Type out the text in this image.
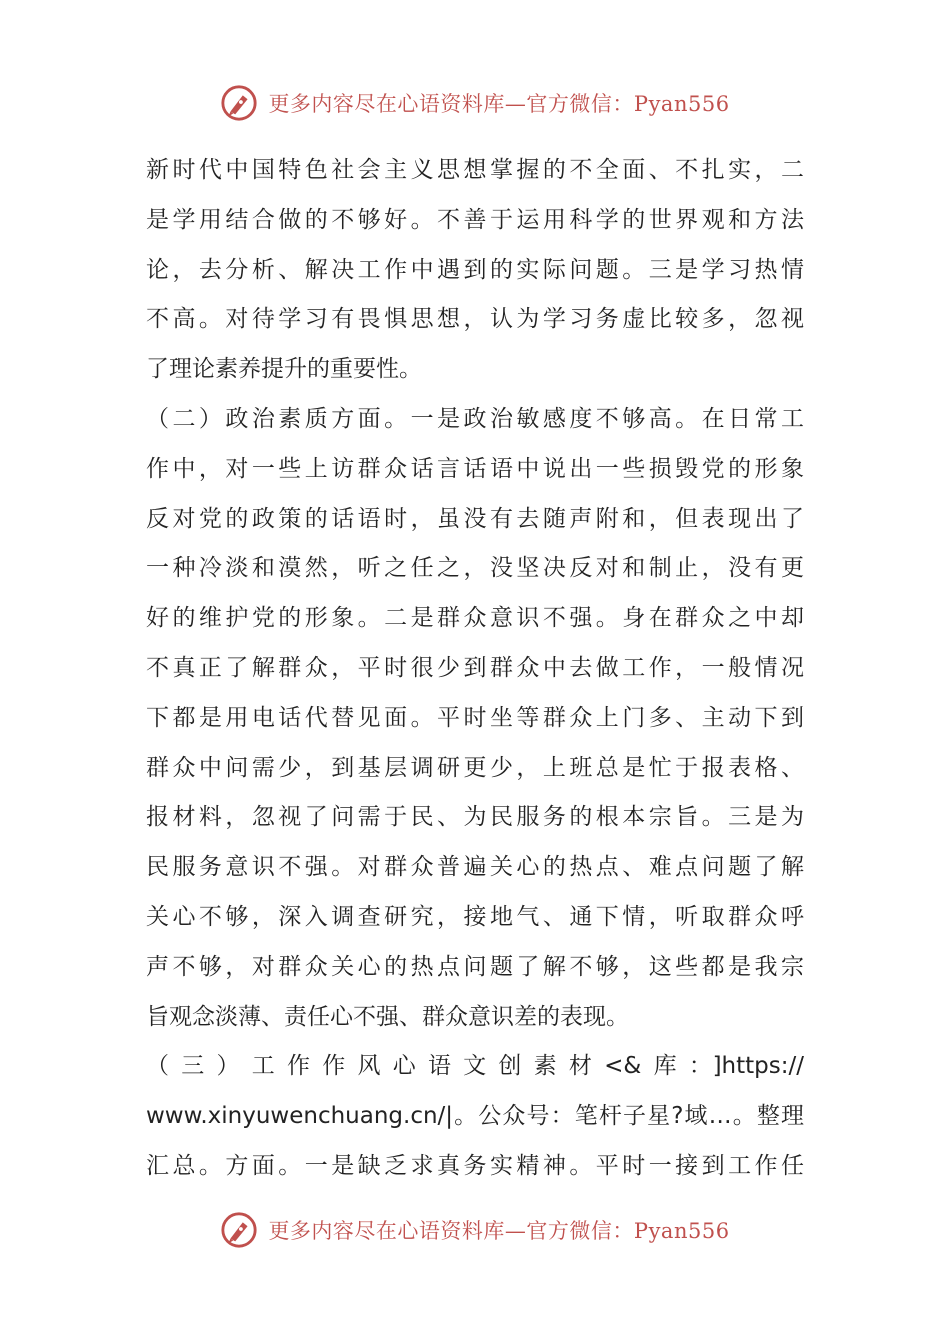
更多内容尽在心语资料库—官方微信：Pyan556
新时代中国特色社会主义思想掌握的不全面、不扎实，二
是学用结合做的不够好。不善于运用科学的世界观和方法
论，去分析、解决工作中遇到的实际问题。三是学习热情
不高。对待学习有畏惧思想，认为学习务虚比较多，忽视
了理论素养提升的重要性。
（二）政治素质方面。一是政治敏感度不够高。在日常工
作中，对一些上访群众话言话语中说出一些损毁党的形象
反对党的政策的话语时，虽没有去随声附和，但表现出了
一种冷淡和漠然，听之任之，没坚决反对和制止，没有更
好的维护党的形象。二是群众意识不强。身在群众之中却
不真正了解群众，平时很少到群众中去做工作，一般情况
下都是用电话代替见面。平时坐等群众上门多、主动下到
群众中问需少，到基层调研更少，上班总是忙于报表格、
报材料，忽视了问需于民、为民服务的根本宗旨。三是为
民服务意识不强。对群众普遍关心的热点、难点问题了解
关心不够，深入调查研究，接地气、通下情，听取群众呼
声不够，对群众关心的热点问题了解不够，这些都是我宗
旨观念淡薄、责任心不强、群众意识差的表现。
（三）工作作风心语文创素材<&库：]https://
www.xinyuwenchuang.cn/|。公众号：笔杆子星?域…。整理
汇总。方面。一是缺乏求真务实精神。平时一接到工作任
更多内容尽在心语资料库—官方微信：Pyan556
